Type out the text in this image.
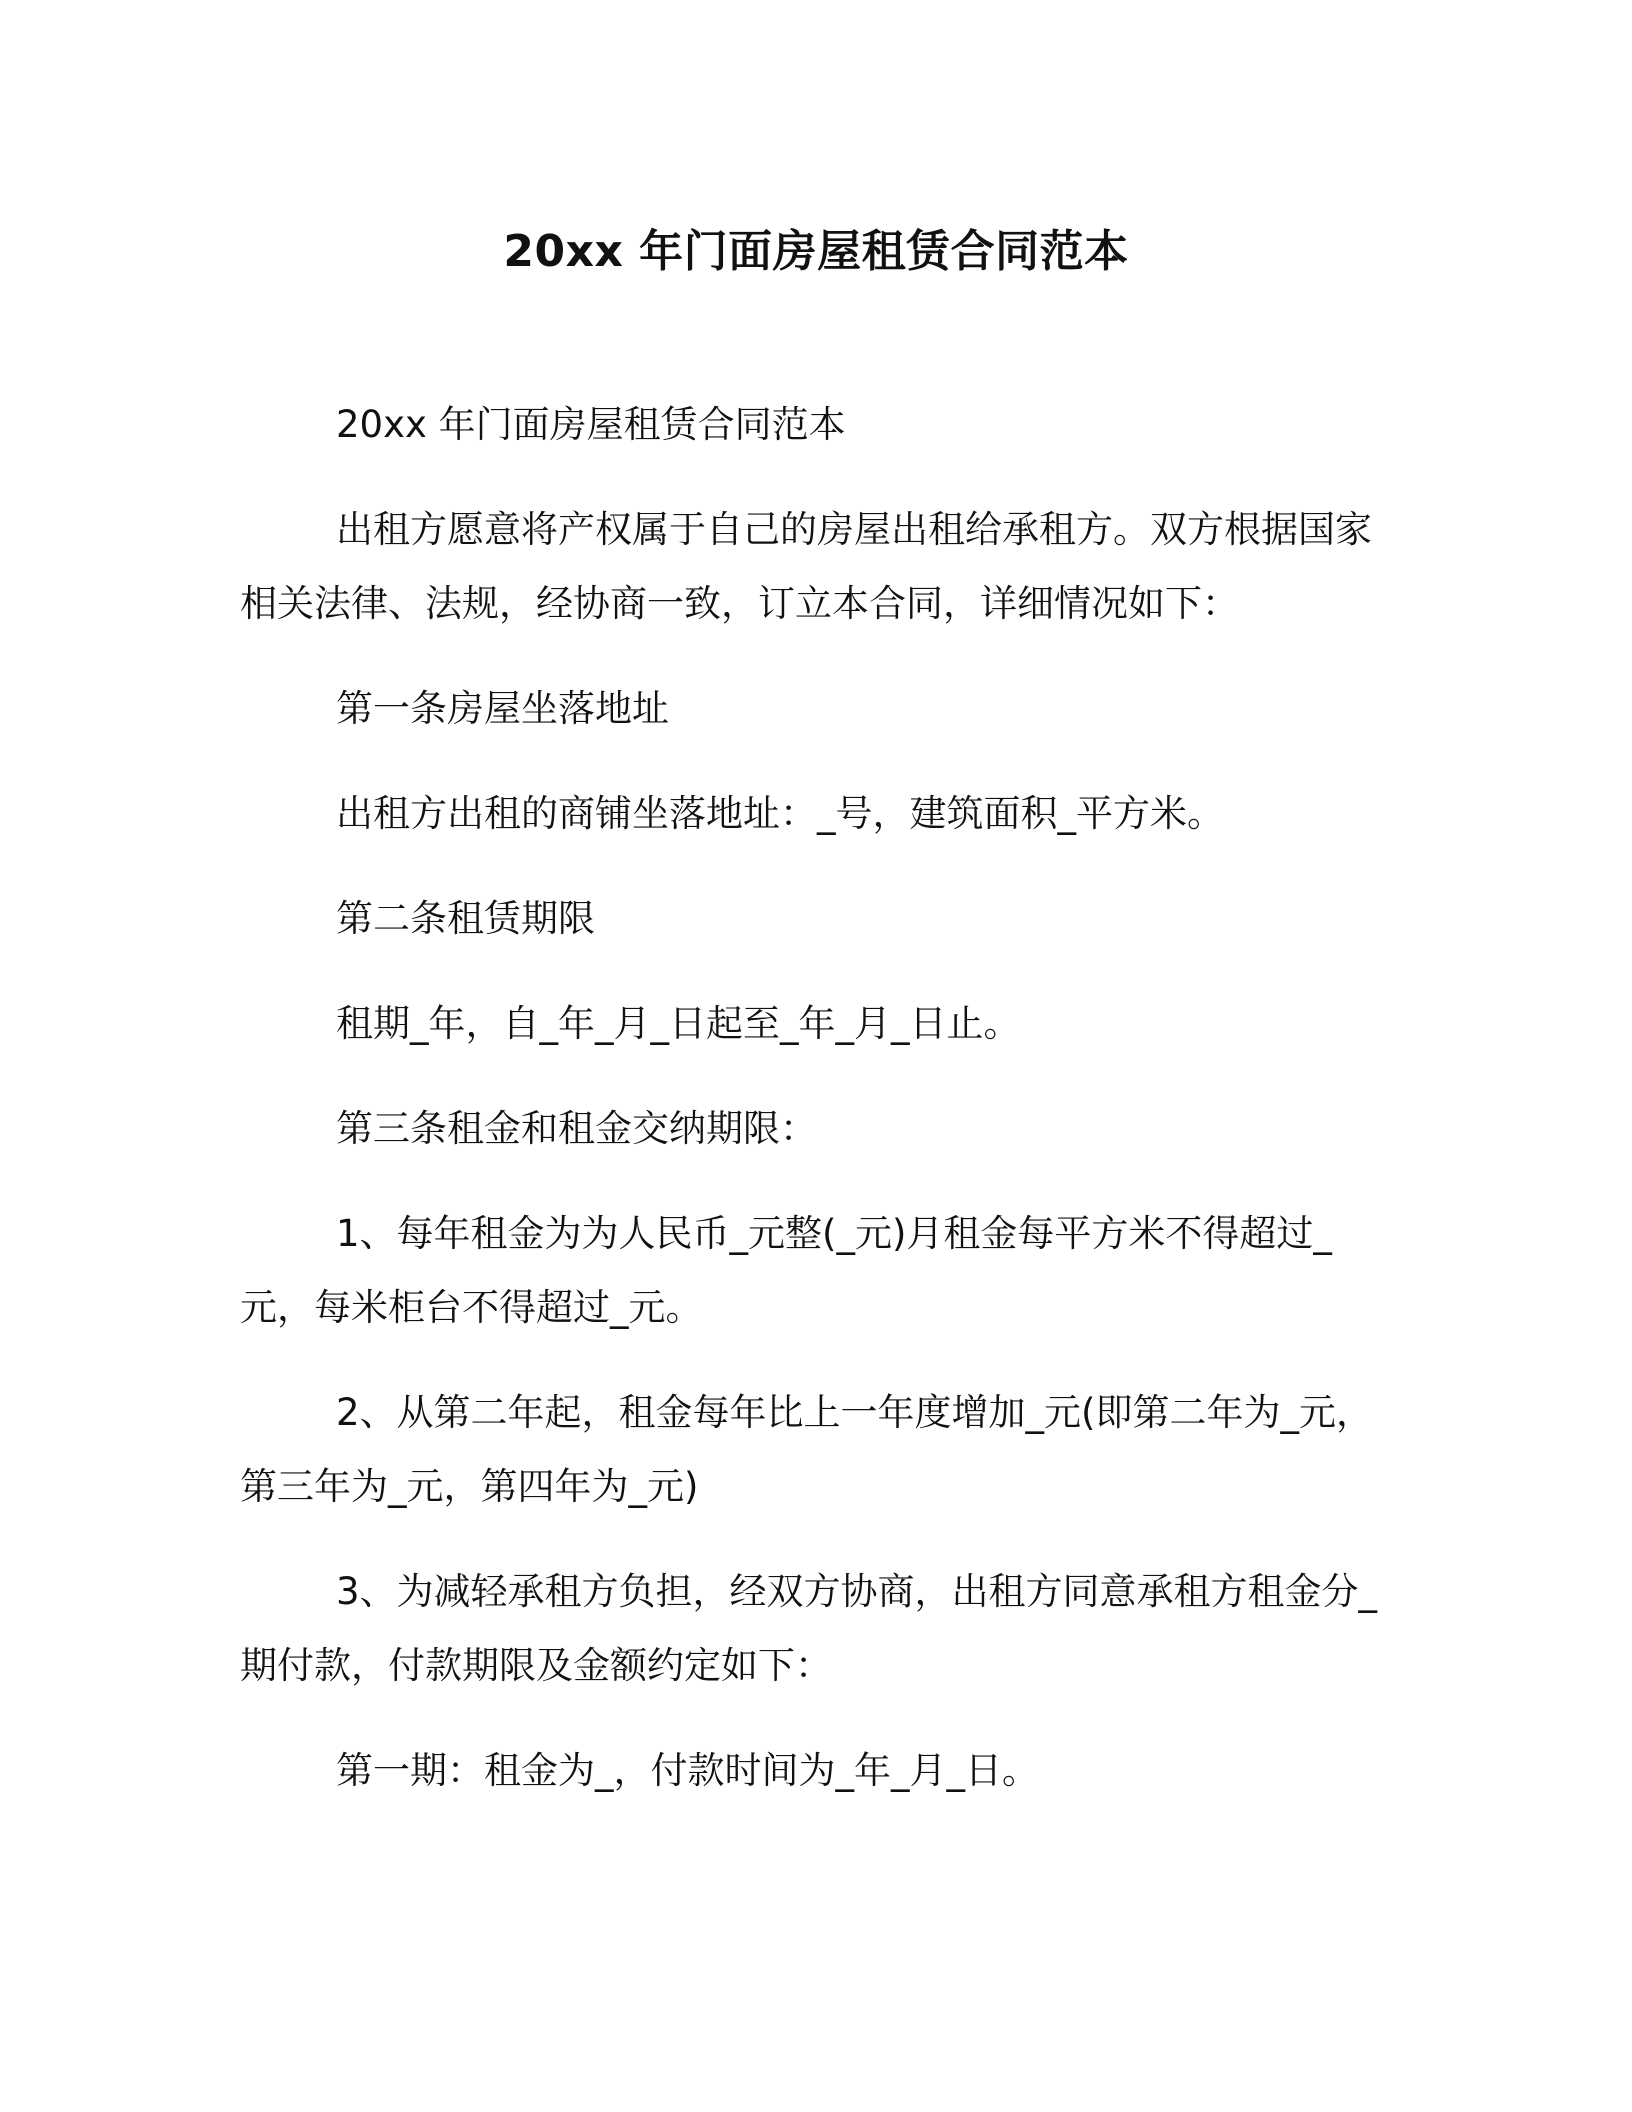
20xx 年门面房屋租赁合同范本

20xx 年门面房屋租赁合同范本

出租方愿意将产权属于自己的房屋出租给承租方。双方根据国家相关法律、法规，经协商一致，订立本合同，详细情况如下：

第一条房屋坐落地址

出租方出租的商铺坐落地址：_号，建筑面积_平方米。

第二条租赁期限

租期_年，自_年_月_日起至_年_月_日止。

第三条租金和租金交纳期限：

1、每年租金为为人民币_元整(_元)月租金每平方米不得超过_元，每米柜台不得超过_元。

2、从第二年起，租金每年比上一年度增加_元(即第二年为_元，第三年为_元，第四年为_元)

3、为减轻承租方负担，经双方协商，出租方同意承租方租金分_期付款，付款期限及金额约定如下：

第一期：租金为_，付款时间为_年_月_日。
